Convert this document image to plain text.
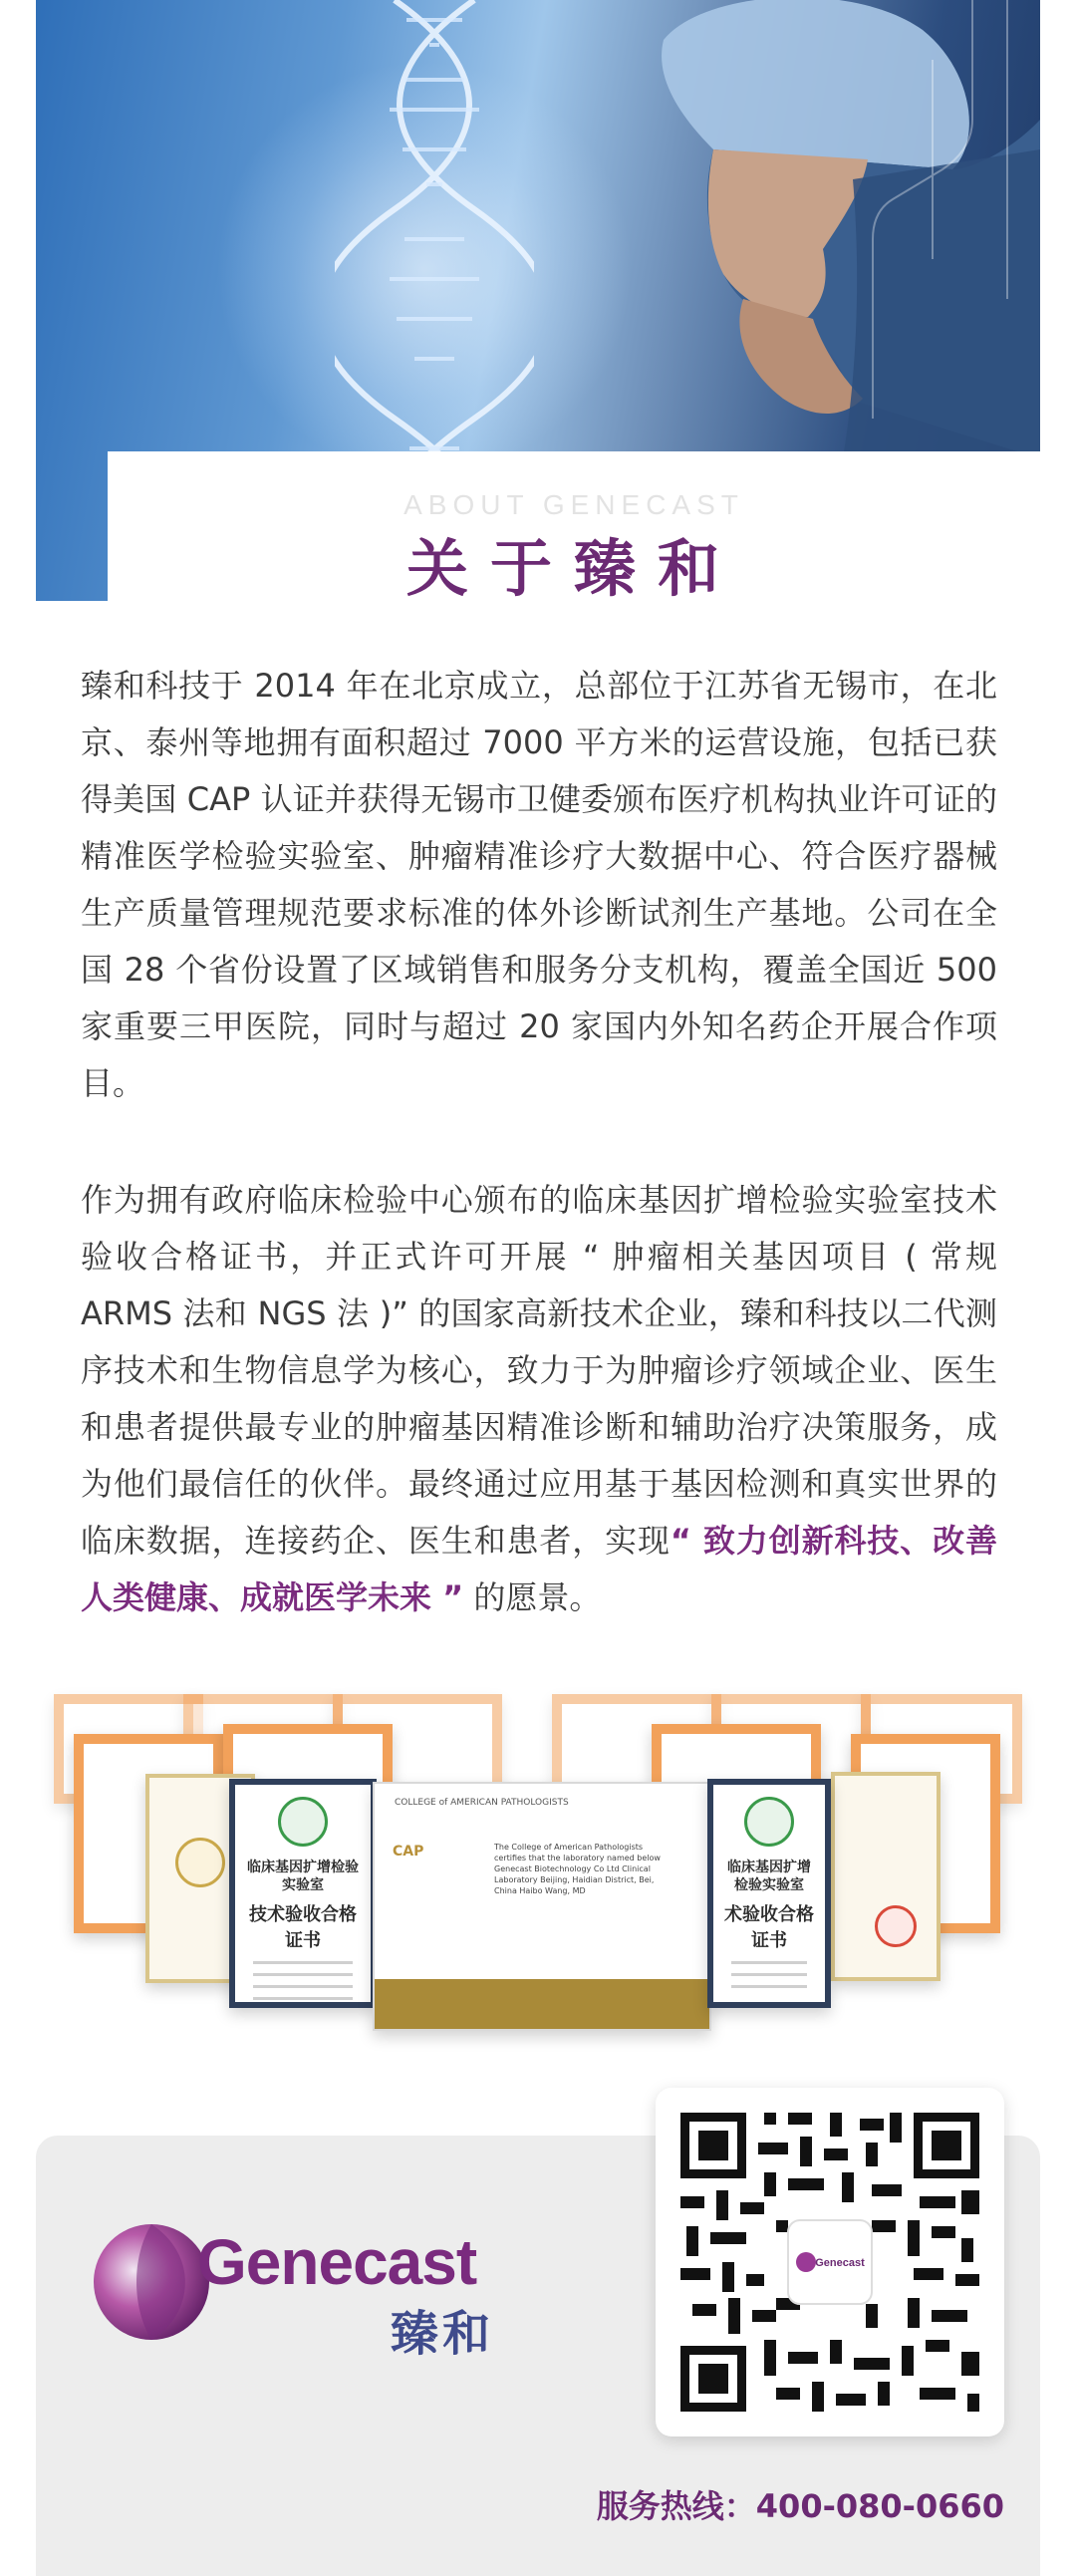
ABOUT GENECAST
关于臻和

臻和科技于 2014 年在北京成立，总部位于江苏省无锡市，在北京、泰州等地拥有面积超过 7000 平方米的运营设施，包括已获得美国 CAP 认证并获得无锡市卫健委颁布医疗机构执业许可证的精准医学检验实验室、肿瘤精准诊疗大数据中心、符合医疗器械生产质量管理规范要求标准的体外诊断试剂生产基地。公司在全国 28 个省份设置了区域销售和服务分支机构，覆盖全国近 500 家重要三甲医院，同时与超过 20 家国内外知名药企开展合作项目。

作为拥有政府临床检验中心颁布的临床基因扩增检验实验室技术验收合格证书，并正式许可开展 “ 肿瘤相关基因项目 ( 常规 ARMS 法和 NGS 法 )” 的国家高新技术企业，臻和科技以二代测序技术和生物信息学为核心，致力于为肿瘤诊疗领域企业、医生和患者提供最专业的肿瘤基因精准诊断和辅助治疗决策服务，成为他们最信任的伙伴。最终通过应用基于基因检测和真实世界的临床数据，连接药企、医生和患者，实现“ 致力创新科技、改善人类健康、成就医学未来 ” 的愿景。

临床基因扩增检验实验室
技术验收合格证书
COLLEGE of AMERICAN PATHOLOGISTS
CAP	The College of American Pathologists certifies that the laboratory named below Genecast Biotechnology Co Ltd Clinical Laboratory Beijing, Haidian District, Bei, China Haibo Wang, MD
临床基因扩增检验实验室
术验收合格证书
Genecast
臻和
Genecast
服务热线：400-080-0660
